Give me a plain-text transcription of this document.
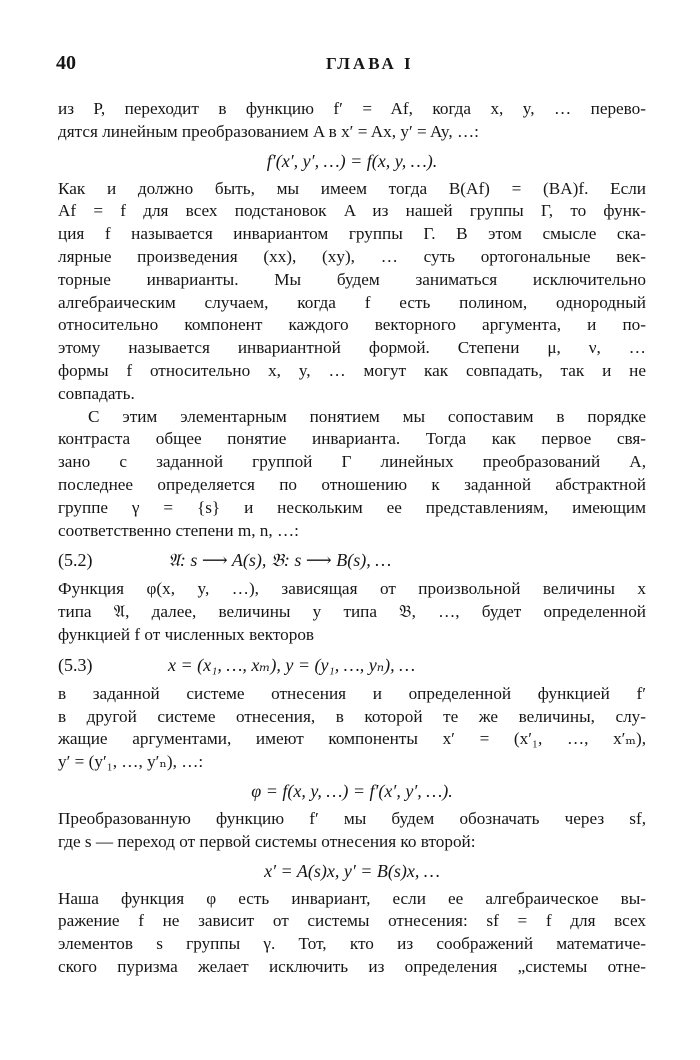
40	ГЛАВА I
из Р, переходит в функцию f′ = Af, когда x, y, … перево-
дятся линейным преобразованием A в x′ = Ax, y′ = Ay, …:
f′(x′, y′, …) = f(x, y, …).
Как и должно быть, мы имеем тогда B(Af) = (BA)f. Если
Af = f для всех подстановок A из нашей группы Γ, то функ-
ция f называется инвариантом группы Γ. В этом смысле ска-
лярные произведения (xx), (xy), … суть ортогональные век-
торные инварианты. Мы будем заниматься исключительно
алгебраическим случаем, когда f есть полином, однородный
относительно компонент каждого векторного аргумента, и по-
этому называется инвариантной формой. Степени μ, ν, …
формы f относительно x, y, … могут как совпадать, так и не
совпадать.
С этим элементарным понятием мы сопоставим в порядке
контраста общее понятие инварианта. Тогда как первое свя-
зано с заданной группой Γ линейных преобразований A,
последнее определяется по отношению к заданной абстрактной
группе γ = {s} и нескольким ее представлениям, имеющим
соответственно степени m, n, …:
(5.2)	𝔄: s ⟶ A(s), 𝔅: s ⟶ B(s), …
Функция φ(x, y, …), зависящая от произвольной величины x
типа 𝔄, далее, величины y типа 𝔅, …, будет определенной
функцией f от численных векторов
(5.3)	x = (x₁, …, xₘ), y = (y₁, …, yₙ), …
в заданной системе отнесения и определенной функцией f′
в другой системе отнесения, в которой те же величины, слу-
жащие аргументами, имеют компоненты x′ = (x′₁, …, x′ₘ),
y′ = (y′₁, …, y′ₙ), …:
φ = f(x, y, …) = f′(x′, y′, …).
Преобразованную функцию f′ мы будем обозначать через sf,
где s — переход от первой системы отнесения ко второй:
x′ = A(s)x, y′ = B(s)x, …
Наша функция φ есть инвариант, если ее алгебраическое вы-
ражение f не зависит от системы отнесения: sf = f для всех
элементов s группы γ. Тот, кто из соображений математиче-
ского пуризма желает исключить из определения „системы отне-
